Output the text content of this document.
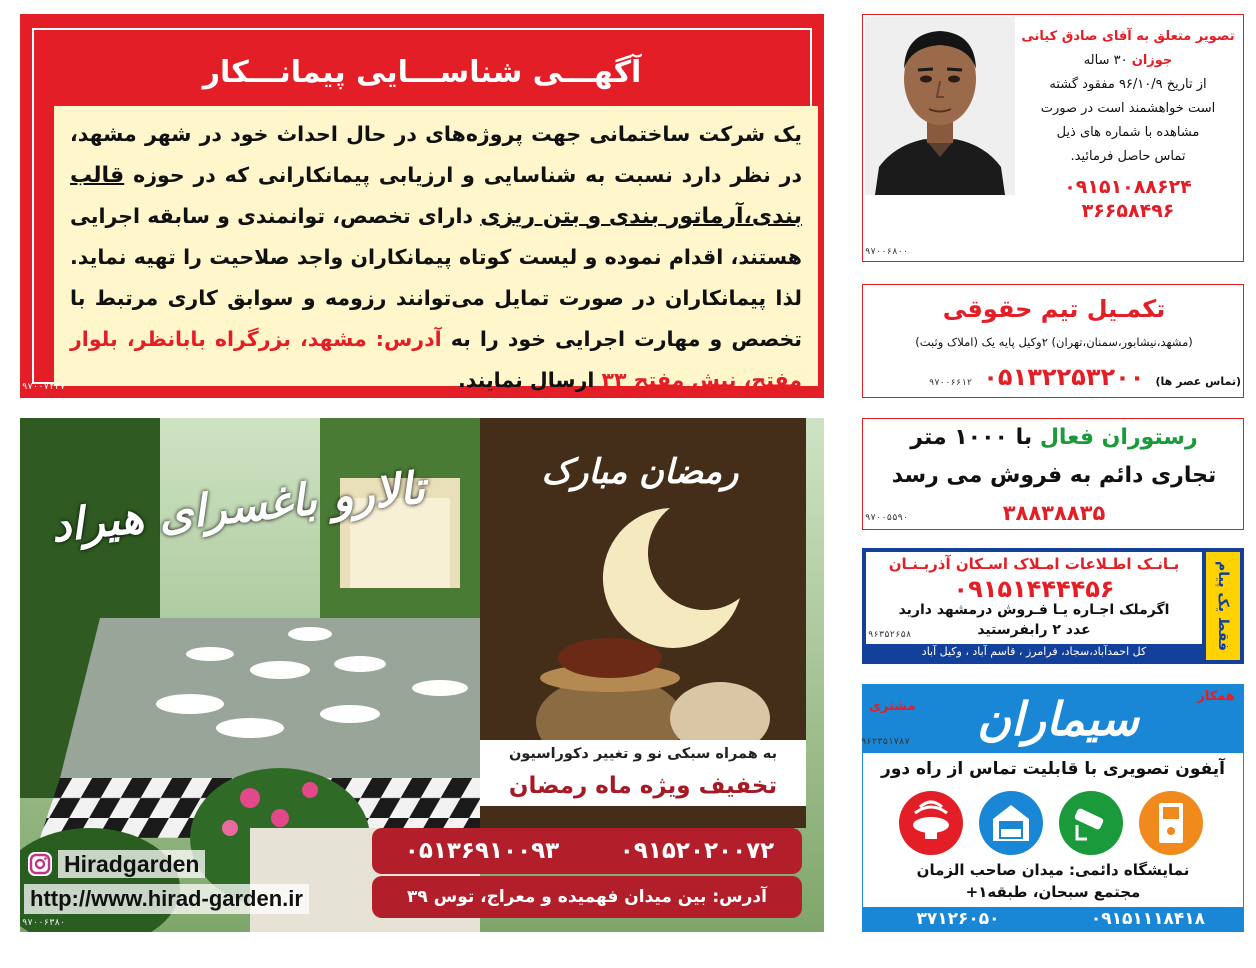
آگهـــی شناســـایی پیمانـــکار
یک شرکت ساختمانی جهت پروژه‌های در حال احداث خود در شهر مشهد، در نظر دارد نسبت به شناسایی و ارزیابی پیمانکارانی که در حوزه قالب بندی،آرماتور بندی و بتن ریزی دارای تخصص، توانمندی و سابقه اجرایی هستند، اقدام نموده و لیست کوتاه پیمانکاران واجد صلاحیت را تهیه نماید. لذا پیمانکاران در صورت تمایل می‌توانند رزومه و سوابق کاری مرتبط با تخصص و مهارت اجرایی خود را به آدرس: مشهد، بزرگراه بابانظر، بلوار مفتح، نبش مفتح ۳۳ ارسال نمایند.
۹۷۰۰۷۴۴۷
تصویر متعلق به آقای صادق کیانی
جوزان ۳۰ ساله
از تاریخ ۹۶/۱۰/۹ مفقود گشته
است خواهشمند است در صورت
مشاهده با شماره های ذیل
تماس حاصل فرمائید.
۰۹۱۵۱۰۸۸۶۲۴
۳۶۶۵۸۴۹۶
۹۷۰۰۶۸۰۰
تکمـیل تیم حقوقی
(مشهد،نیشابور،سمنان،تهران) ۲وکیل پایه یک (املاک وثبت)
(تماس عصر ها) ۰۵۱۳۲۲۵۳۲۰۰ ۹۷۰۰۶۶۱۲
رستوران فعال با ۱۰۰۰ متر
تجاری دائم به فروش می رسد
۳۸۸۳۸۸۳۵
۹۷۰۰۵۵۹۰
بـانـک اطـلاعات امـلاک اسـکان آذربـنـان
۰۹۱۵۱۴۴۴۴۵۶
اگرملک اجـاره یـا فـروش درمشهد دارید
عدد ۲ رابفرستید
۹۶۳۵۲۶۵۸	فقط یک پیام
کل احمدآباد،سجاد، فرامرز ، قاسم آباد ، وکیل آباد
همکار
سیماران
مشتری
۹۶۲۳۵۱۷۸۷
آیفون تصویری با قابلیت تماس از راه دور
نمایشگاه دائمی: میدان صاحب الزمان
مجتمع سبحان، طبقه۱+
۰۹۱۵۱۱۱۸۴۱۸
۳۷۱۲۶۰۵۰
تالارو باغسرای هیراد	رمضان مبارک
به همراه سبکی نو و تغییر دکوراسیون
تخفیف ویژه ماه رمضان
۰۹۱۵۲۰۲۰۰۷۲
۰۵۱۳۶۹۱۰۰۹۳
آدرس: بین میدان فهمیده و معراج، توس ۳۹
Hiradgarden
http://www.hirad-garden.ir
۹۷۰۰۶۳۸۰
